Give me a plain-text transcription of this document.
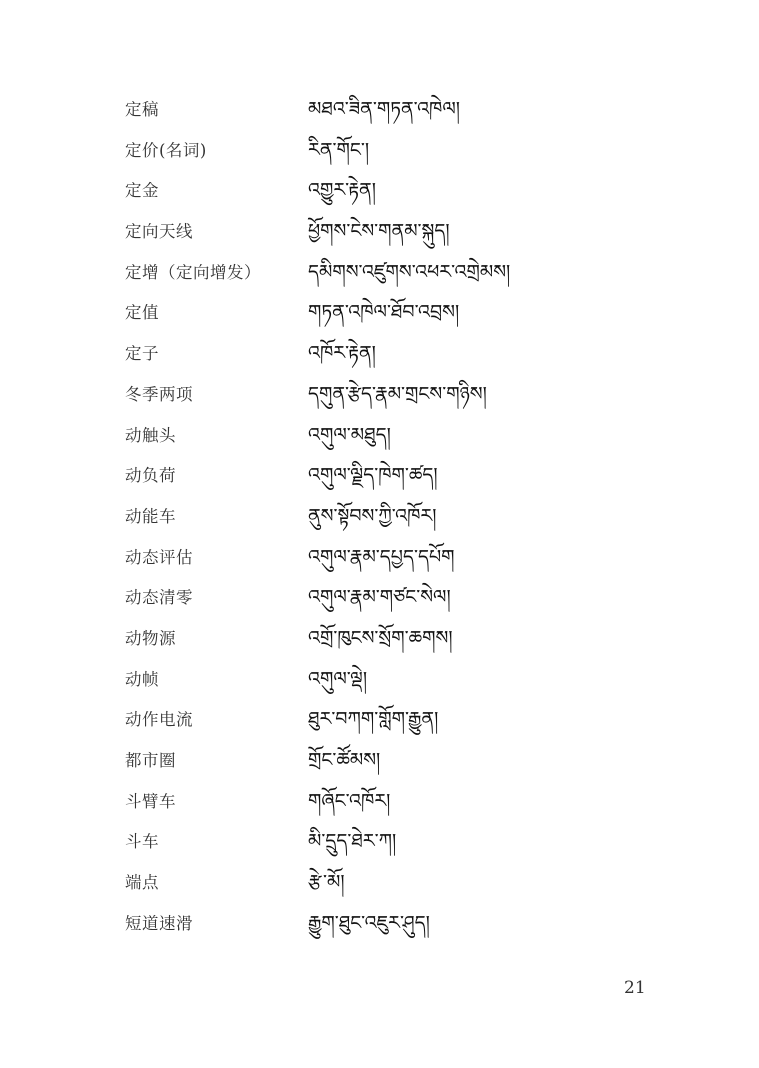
定稿	མཐའ་ཟིན་གཏན་འཁེལ།
定价(名词)	རིན་གོང་།
定金	འགྱུར་རྟེན།
定向天线	ཕྱོགས་ངེས་གནམ་སྐུད།
定增（定向增发） དམིགས་འཛུགས་འཕར་འགྲེམས།
定值	གཏན་འཁེལ་ཐོབ་འབྲས།
定子	འཁོར་རྟེན།
冬季两项	དགུན་རྩེད་རྣམ་གྲངས་གཉིས།
动触头	འགུལ་མཐུད།
动负荷	འགུལ་ལྗིད་ཁེག་ཚད།
动能车	ནུས་སྟོབས་ཀྱི་འཁོར།
动态评估	འགུལ་རྣམ་དཔྱད་དཔོག
动态清零	འགུལ་རྣམ་གཙང་སེལ།
动物源	འགྲོ་ཁུངས་སྲོག་ཆགས།
动帧	འགུལ་ལྡེ།
动作电流	ཐུར་བཀག་གློག་རྒྱུན།
都市圈	གྲོང་ཚོམས།
斗臂车	གཞོང་འཁོར།
斗车	མི་དྲུད་ཐེར་ཀ།
端点	རྩེ་མོ།
短道速滑	རྒྱུག་ཐུང་འཇུར་ཤུད།
21
